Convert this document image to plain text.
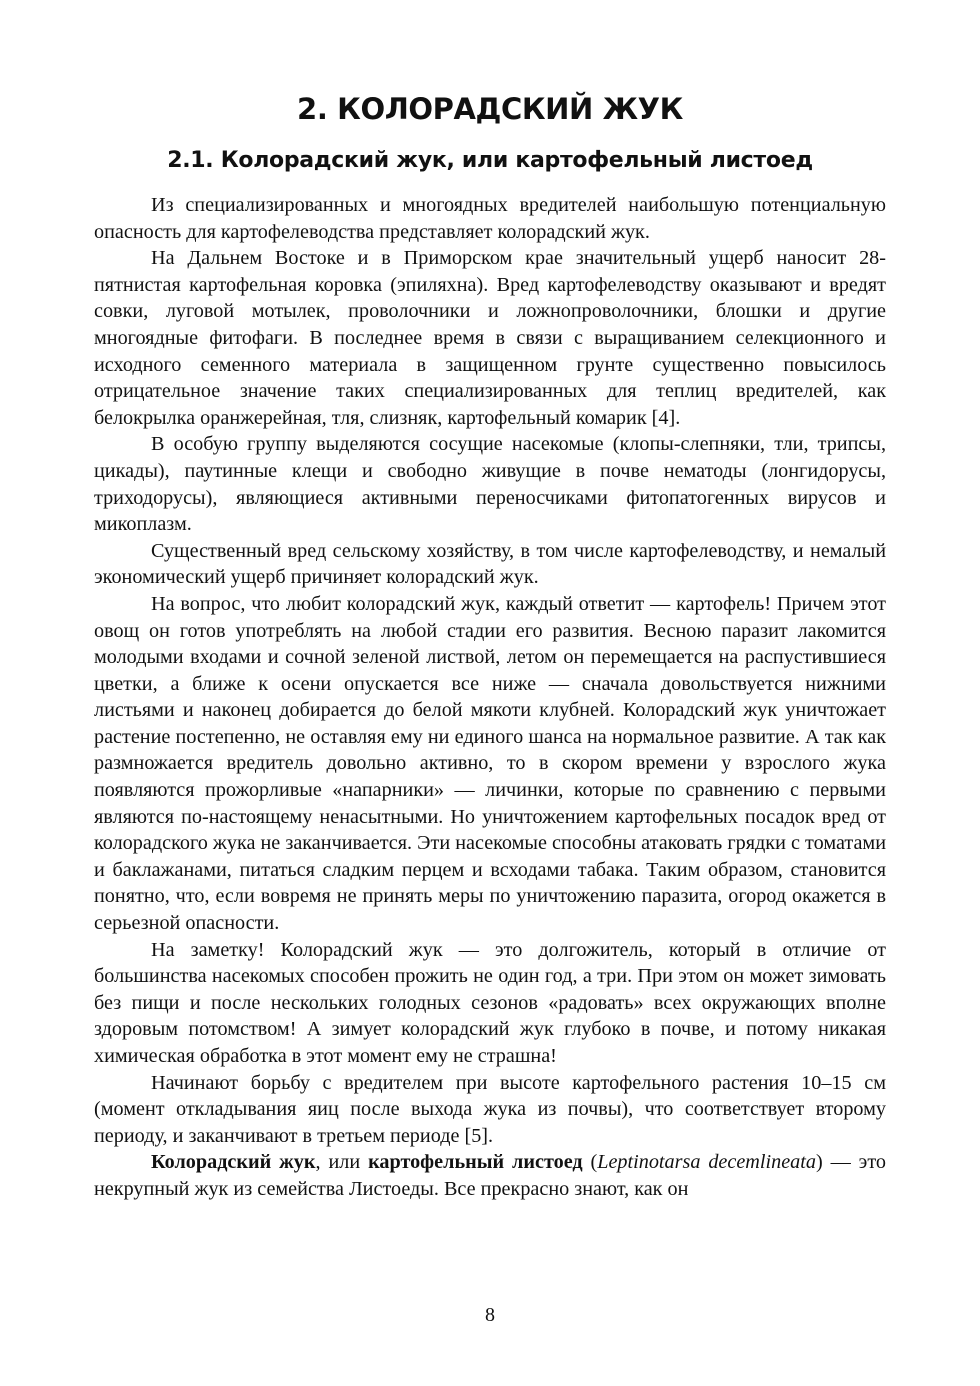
2. КОЛОРАДСКИЙ ЖУК
2.1. Колорадский жук, или картофельный листоед

Из специализированных и многоядных вредителей наибольшую потенциальную опасность для картофелеводства представляет колорадский жук.

На Дальнем Востоке и в Приморском крае значительный ущерб наносит 28-пятнистая картофельная коровка (эпиляхна). Вред картофелеводству оказывают и вредят совки, луговой мотылек, проволочники и ложнопроволочники, блошки и другие многоядные фитофаги. В последнее время в связи с выращиванием селекционного и исходного семенного материала в защищенном грунте существенно повысилось отрицательное значение таких специализированных для теплиц вредителей, как белокрылка оранжерейная, тля, слизняк, картофельный комарик [4].

В особую группу выделяются сосущие насекомые (клопы-слепняки, тли, трипсы, цикады), паутинные клещи и свободно живущие в почве нематоды (лонгидорусы, триходорусы), являющиеся активными переносчиками фитопатогенных вирусов и микоплазм.

Существенный вред сельскому хозяйству, в том числе картофелеводству, и немалый экономический ущерб причиняет колорадский жук.

На вопрос, что любит колорадский жук, каждый ответит — картофель! Причем этот овощ он готов употреблять на любой стадии его развития. Весною паразит лакомится молодыми входами и сочной зеленой листвой, летом он перемещается на распустившиеся цветки, а ближе к осени опускается все ниже — сначала довольствуется нижними листьями и наконец добирается до белой мякоти клубней. Колорадский жук уничтожает растение постепенно, не оставляя ему ни единого шанса на нормальное развитие. А так как размножается вредитель довольно активно, то в скором времени у взрослого жука появляются прожорливые «напарники» — личинки, которые по сравнению с первыми являются по-настоящему ненасытными. Но уничтожением картофельных посадок вред от колорадского жука не заканчивается. Эти насекомые способны атаковать грядки с томатами и баклажанами, питаться сладким перцем и всходами табака. Таким образом, становится понятно, что, если вовремя не принять меры по уничтожению паразита, огород окажется в серьезной опасности.

На заметку! Колорадский жук — это долгожитель, который в отличие от большинства насекомых способен прожить не один год, а три. При этом он может зимовать без пищи и после нескольких голодных сезонов «радовать» всех окружающих вполне здоровым потомством! А зимует колорадский жук глубоко в почве, и потому никакая химическая обработка в этот момент ему не страшна!

Начинают борьбу с вредителем при высоте картофельного растения 10–15 см (момент откладывания яиц после выхода жука из почвы), что соответствует второму периоду, и заканчивают в третьем периоде [5].

Колорадский жук, или картофельный листоед (Leptinotarsa decemlineata) — это некрупный жук из семейства Листоеды. Все прекрасно знают, как он

8
